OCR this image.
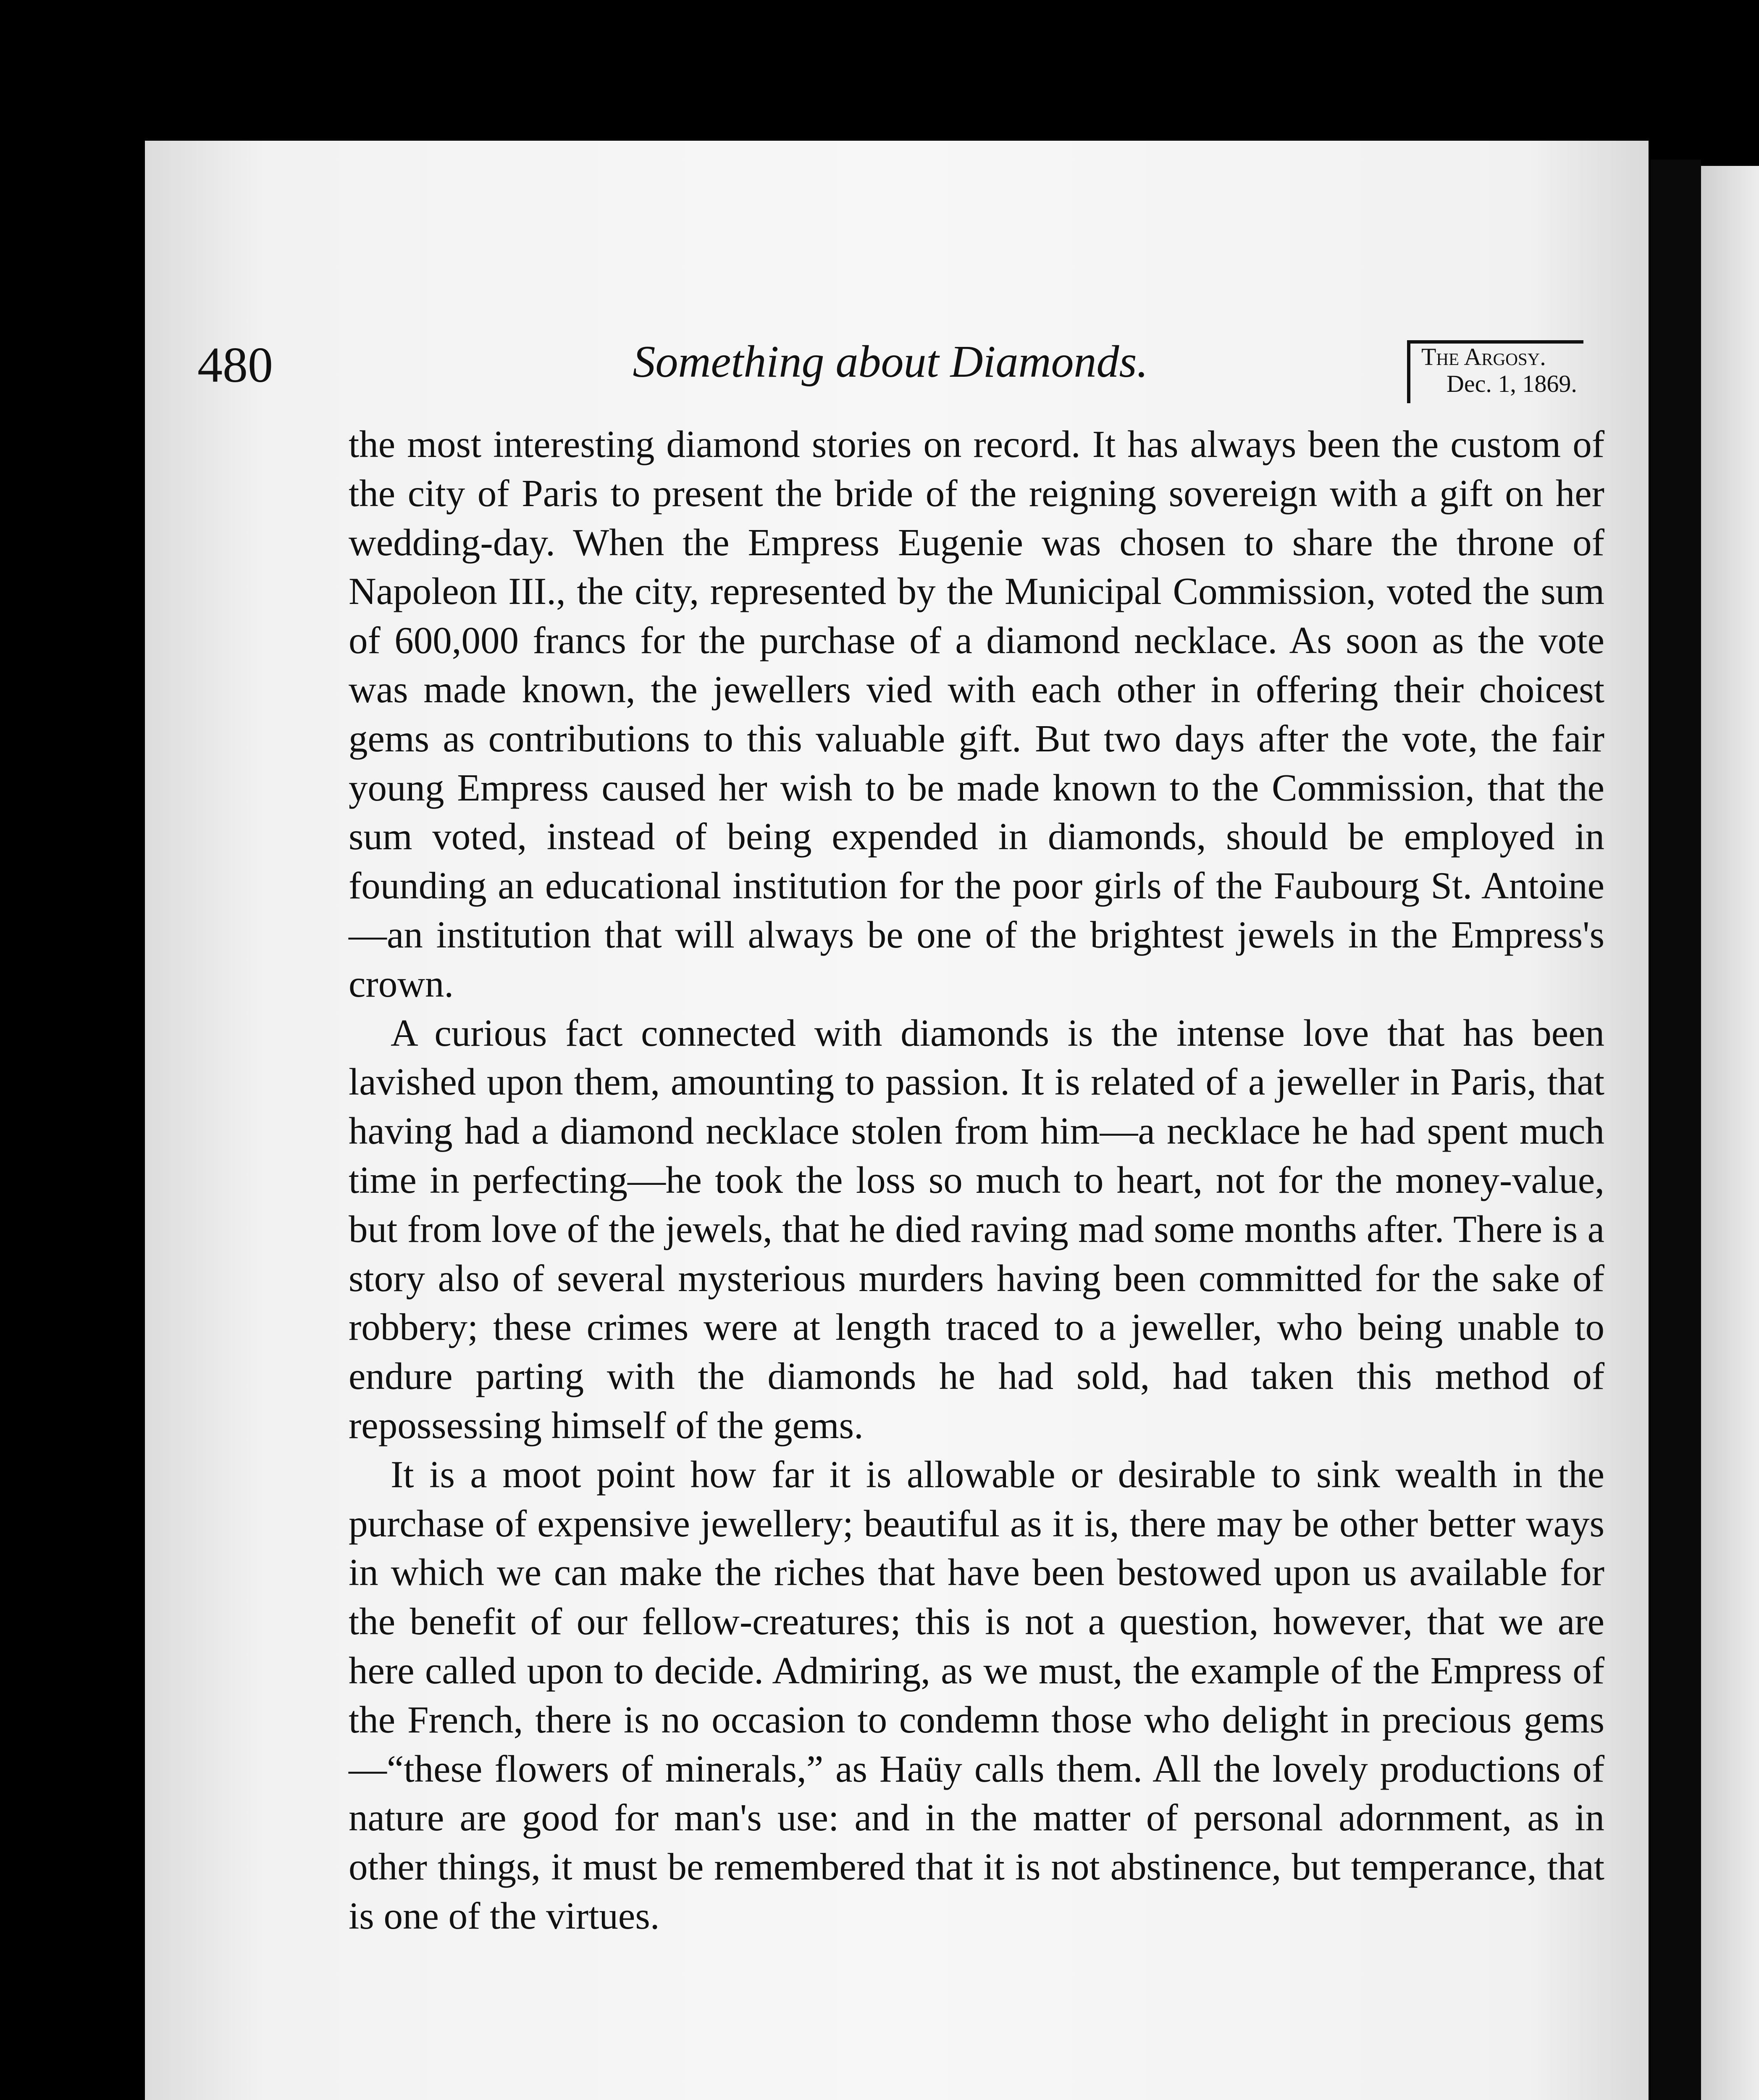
480	Something about Diamonds.	The Argosy.
Dec. 1, 1869.

the most interesting diamond stories on record. It has always been the custom of the city of Paris to present the bride of the reigning sovereign with a gift on her wedding-day. When the Empress Eugenie was chosen to share the throne of Napoleon III., the city, represented by the Municipal Commission, voted the sum of 600,000 francs for the purchase of a diamond necklace. As soon as the vote was made known, the jewellers vied with each other in offering their choicest gems as contributions to this valuable gift. But two days after the vote, the fair young Empress caused her wish to be made known to the Commission, that the sum voted, instead of being expended in diamonds, should be employed in founding an educational institution for the poor girls of the Faubourg St. Antoine—an institution that will always be one of the brightest jewels in the Empress's crown.

A curious fact connected with diamonds is the intense love that has been lavished upon them, amounting to passion. It is related of a jeweller in Paris, that having had a diamond necklace stolen from him—a necklace he had spent much time in perfecting—he took the loss so much to heart, not for the money-value, but from love of the jewels, that he died raving mad some months after. There is a story also of several mysterious murders having been committed for the sake of robbery; these crimes were at length traced to a jeweller, who being unable to endure parting with the diamonds he had sold, had taken this method of repossessing himself of the gems.

It is a moot point how far it is allowable or desirable to sink wealth in the purchase of expensive jewellery; beautiful as it is, there may be other better ways in which we can make the riches that have been bestowed upon us available for the benefit of our fellow-creatures; this is not a question, however, that we are here called upon to decide. Admiring, as we must, the example of the Empress of the French, there is no occasion to condemn those who delight in precious gems—“these flowers of minerals,” as Haüy calls them. All the lovely productions of nature are good for man's use: and in the matter of personal adornment, as in other things, it must be remembered that it is not abstinence, but temperance, that is one of the virtues.
